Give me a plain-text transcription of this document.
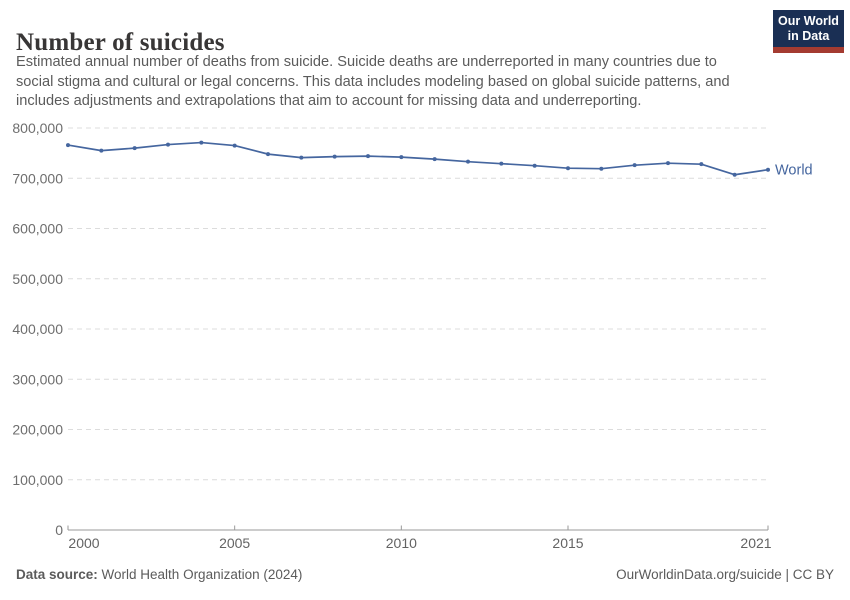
Number of suicides
Our World
in Data
Estimated annual number of deaths from suicide. Suicide deaths are underreported in many countries due to
social stigma and cultural or legal concerns. This data includes modeling based on global suicide patterns, and
includes adjustments and extrapolations that aim to account for missing data and underreporting.
0
100,000
200,000
300,000
400,000
500,000
600,000
700,000
800,000
2000	2005	2010	2015	2021
World
Data source: World Health Organization (2024)	OurWorldinData.org/suicide | CC BY
